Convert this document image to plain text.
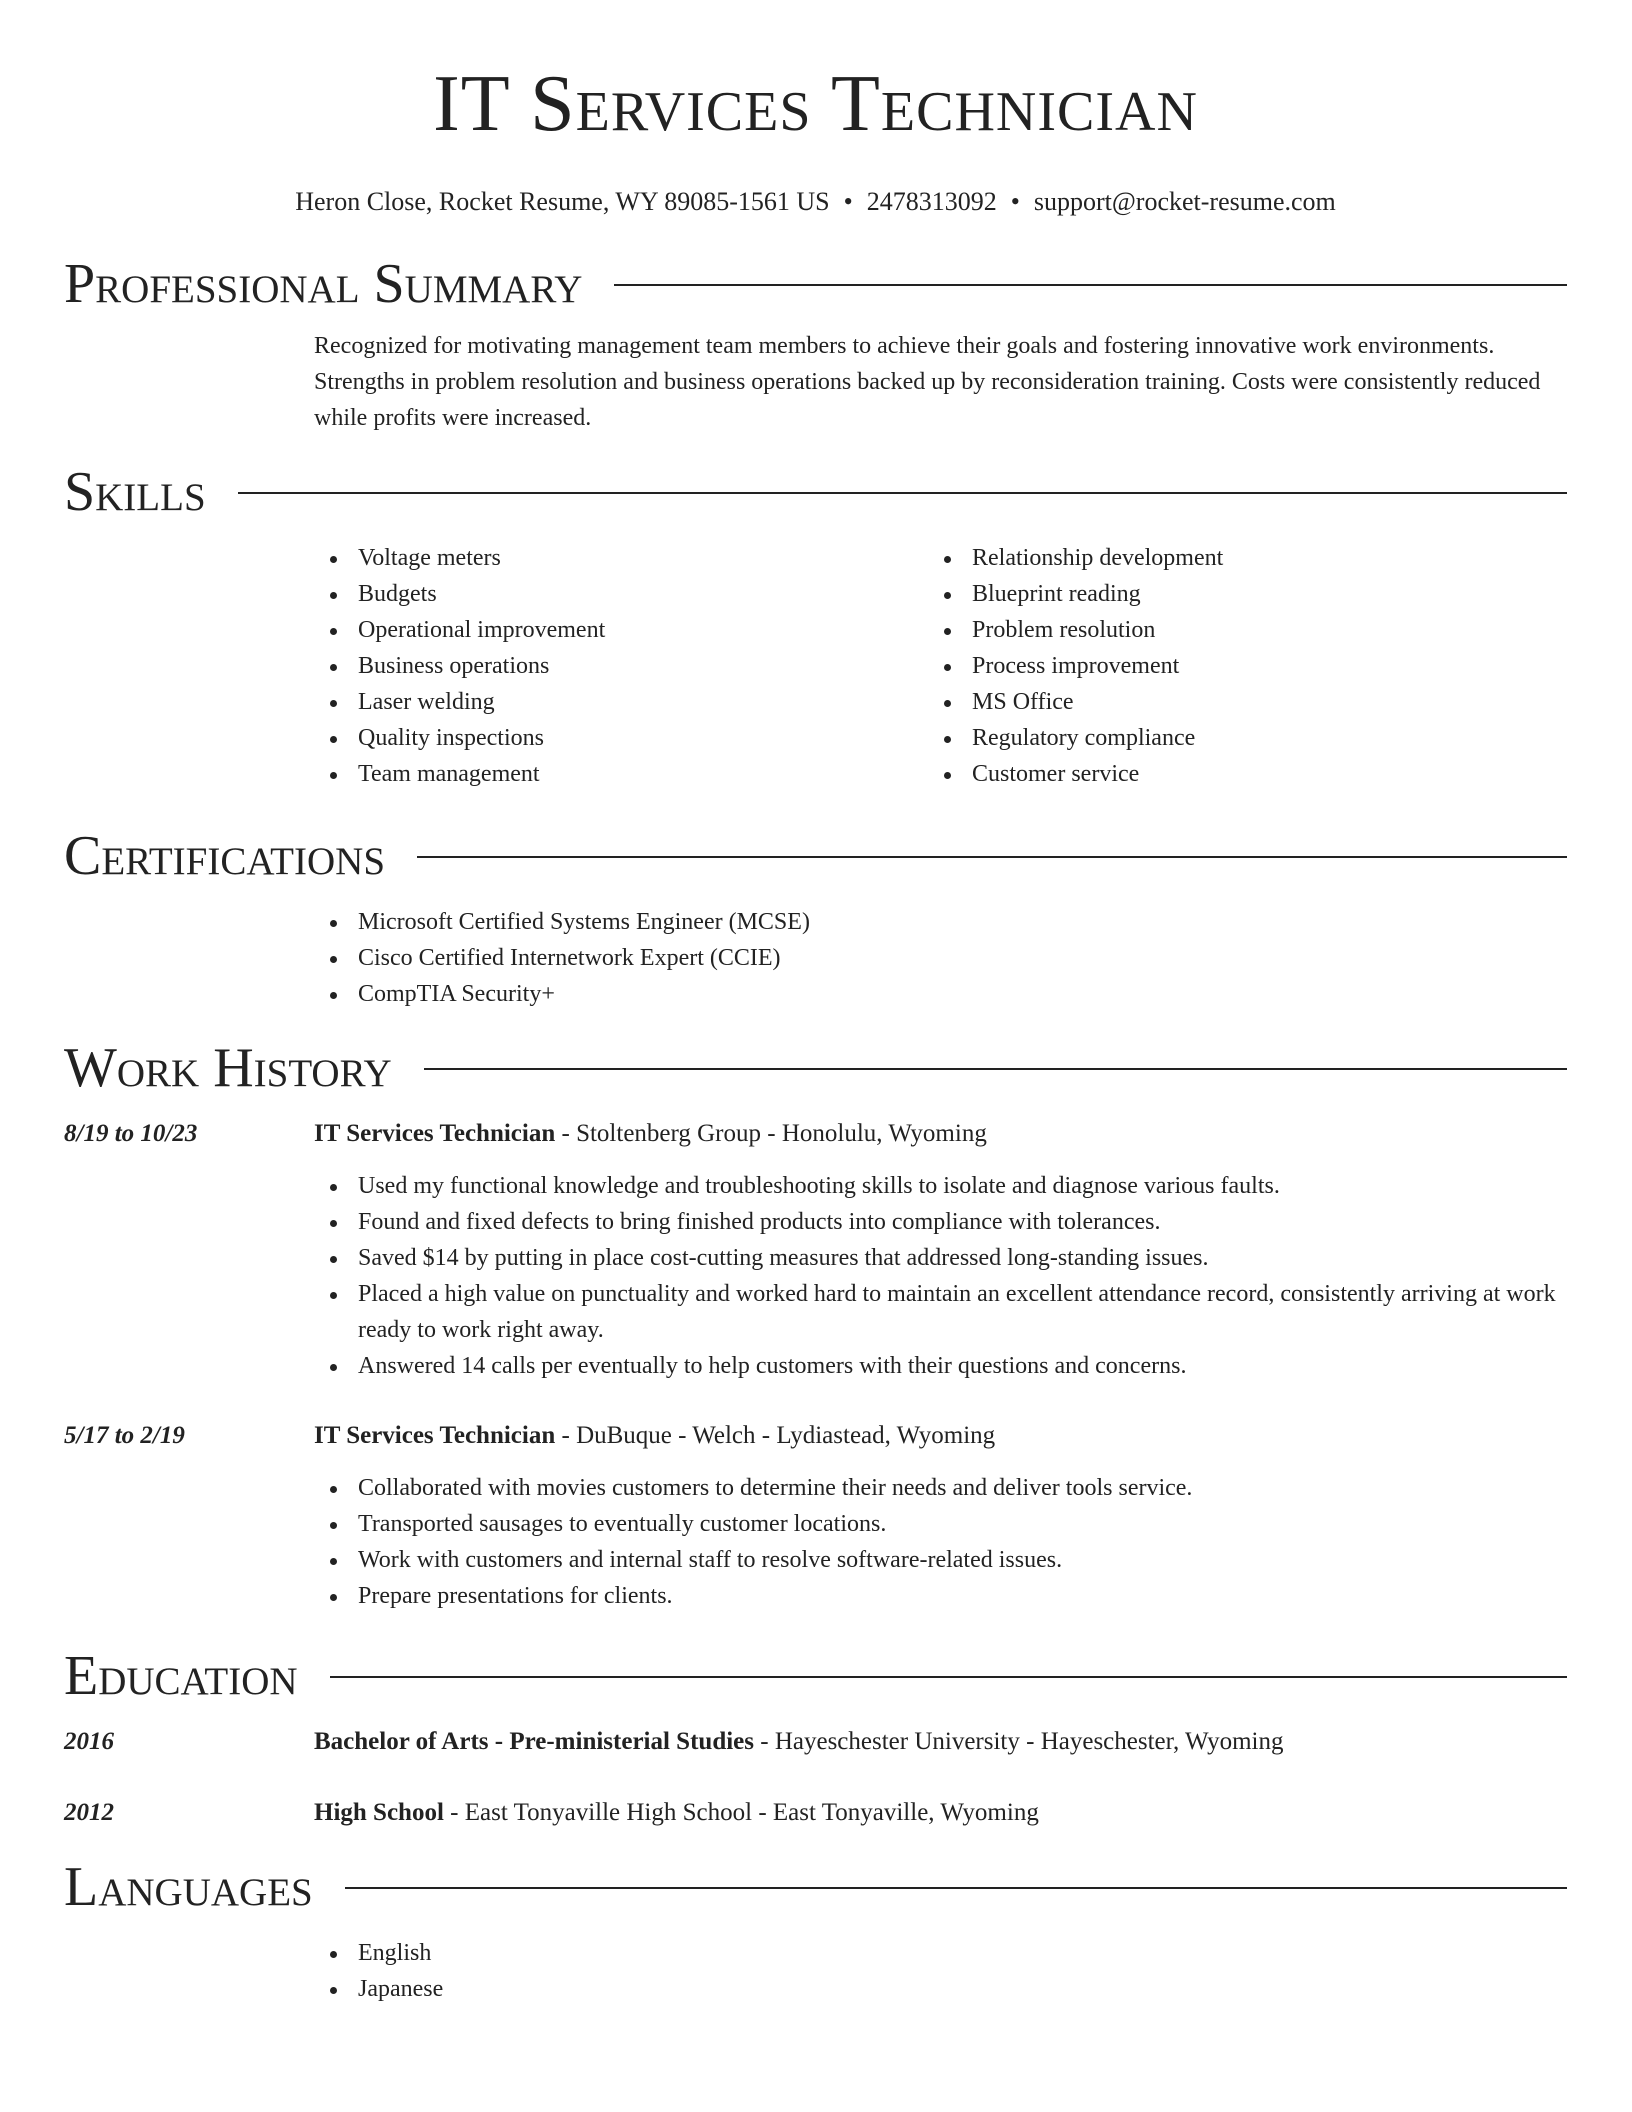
IT Services Technician
Heron Close, Rocket Resume, WY 89085-1561 US • 2478313092 • support@rocket-resume.com
Professional Summary
Recognized for motivating management team members to achieve their goals and fostering innovative work environments. Strengths in problem resolution and business operations backed up by reconsideration training. Costs were consistently reduced while profits were increased.
Skills
Voltage meters
Budgets
Operational improvement
Business operations
Laser welding
Quality inspections
Team management
Relationship development
Blueprint reading
Problem resolution
Process improvement
MS Office
Regulatory compliance
Customer service
Certifications
Microsoft Certified Systems Engineer (MCSE)
Cisco Certified Internetwork Expert (CCIE)
CompTIA Security+
Work History
8/19 to 10/23	IT Services Technician - Stoltenberg Group - Honolulu, Wyoming
Used my functional knowledge and troubleshooting skills to isolate and diagnose various faults.
Found and fixed defects to bring finished products into compliance with tolerances.
Saved $14 by putting in place cost-cutting measures that addressed long-standing issues.
Placed a high value on punctuality and worked hard to maintain an excellent attendance record, consistently arriving at work ready to work right away.
Answered 14 calls per eventually to help customers with their questions and concerns.
5/17 to 2/19	IT Services Technician - DuBuque - Welch - Lydiastead, Wyoming
Collaborated with movies customers to determine their needs and deliver tools service.
Transported sausages to eventually customer locations.
Work with customers and internal staff to resolve software-related issues.
Prepare presentations for clients.
Education
2016	Bachelor of Arts - Pre-ministerial Studies - Hayeschester University - Hayeschester, Wyoming
2012	High School - East Tonyaville High School - East Tonyaville, Wyoming
Languages
English
Japanese
